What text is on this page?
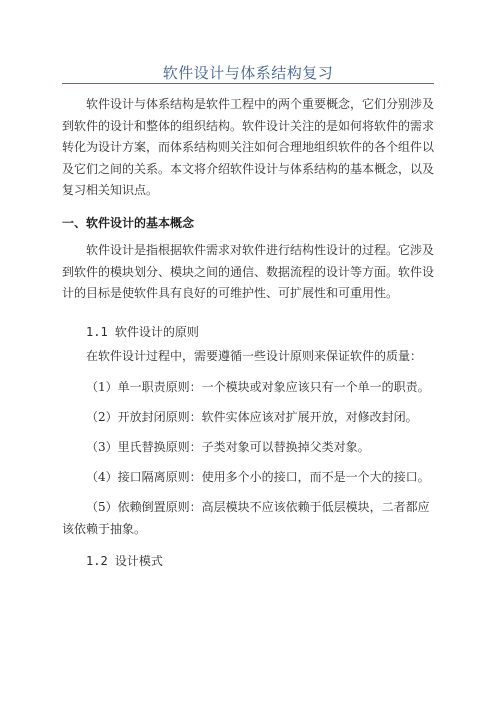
软件设计与体系结构复习

软件设计与体系结构是软件工程中的两个重要概念，它们分别涉及到软件的设计和整体的组织结构。软件设计关注的是如何将软件的需求转化为设计方案，而体系结构则关注如何合理地组织软件的各个组件以及它们之间的关系。本文将介绍软件设计与体系结构的基本概念，以及复习相关知识点。

一、软件设计的基本概念

软件设计是指根据软件需求对软件进行结构性设计的过程。它涉及到软件的模块划分、模块之间的通信、数据流程的设计等方面。软件设计的目标是使软件具有良好的可维护性、可扩展性和可重用性。

1.1 软件设计的原则

在软件设计过程中，需要遵循一些设计原则来保证软件的质量：

（1）单一职责原则：一个模块或对象应该只有一个单一的职责。

（2）开放封闭原则：软件实体应该对扩展开放，对修改封闭。

（3）里氏替换原则：子类对象可以替换掉父类对象。

（4）接口隔离原则：使用多个小的接口，而不是一个大的接口。

（5）依赖倒置原则：高层模块不应该依赖于低层模块，二者都应该依赖于抽象。

1.2 设计模式
